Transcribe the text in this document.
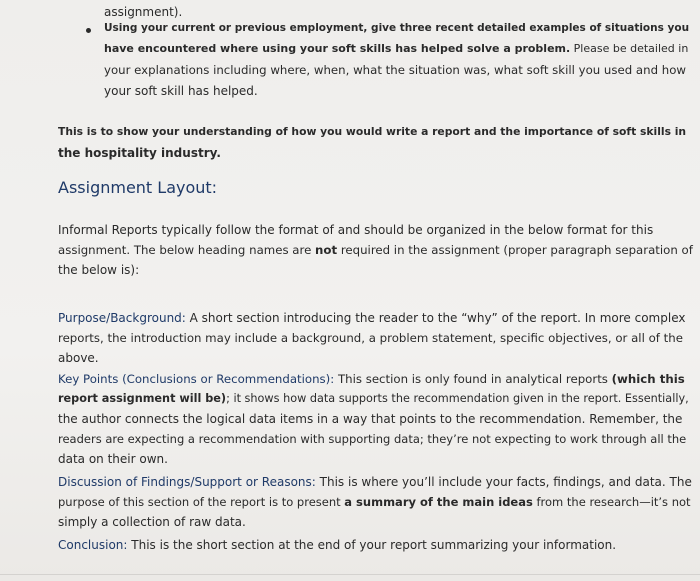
assignment).
Using your current or previous employment, give three recent detailed examples of situations you
have encountered where using your soft skills has helped solve a problem. Please be detailed in
your explanations including where, when, what the situation was, what soft skill you used and how
your soft skill has helped.
This is to show your understanding of how you would write a report and the importance of soft skills in
the hospitality industry.
Assignment Layout:
Informal Reports typically follow the format of and should be organized in the below format for this
assignment. The below heading names are not required in the assignment (proper paragraph separation of
the below is):
Purpose/Background: A short section introducing the reader to the “why” of the report. In more complex
reports, the introduction may include a background, a problem statement, specific objectives, or all of the
above.
Key Points (Conclusions or Recommendations): This section is only found in analytical reports (which this
report assignment will be); it shows how data supports the recommendation given in the report. Essentially,
the author connects the logical data items in a way that points to the recommendation. Remember, the
readers are expecting a recommendation with supporting data; they’re not expecting to work through all the
data on their own.
Discussion of Findings/Support or Reasons: This is where you’ll include your facts, findings, and data. The
purpose of this section of the report is to present a summary of the main ideas from the research—it’s not
simply a collection of raw data.
Conclusion: This is the short section at the end of your report summarizing your information.
